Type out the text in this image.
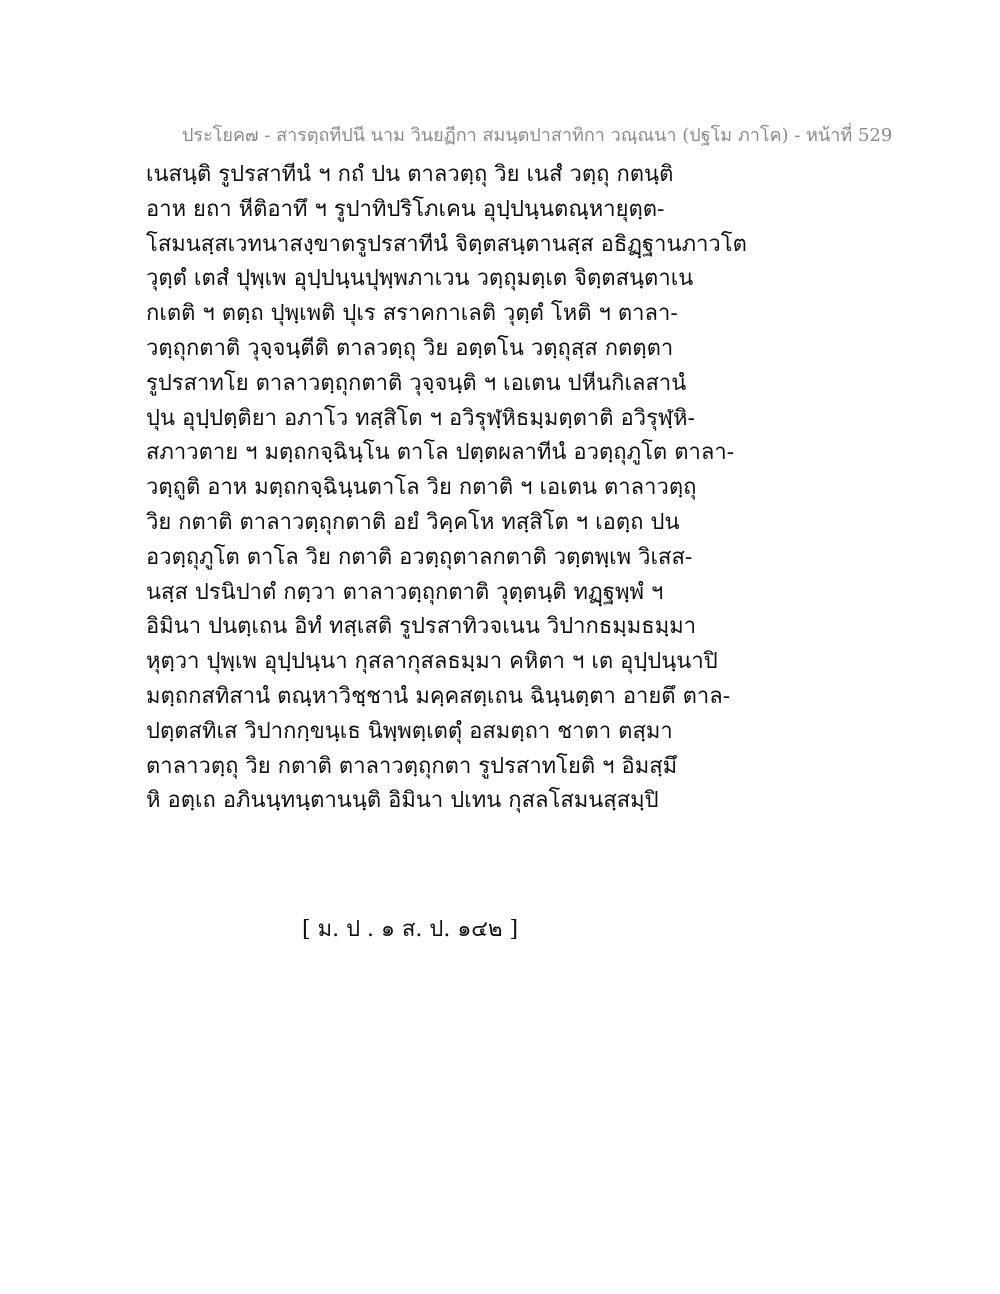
ประโยค๗ - สารตฺถทีปนี นาม วินยฏีกา สมนฺตปาสาทิกา วณฺณนา (ปฐโม ภาโค) - หน้าที่ 529
เนสนฺติ รูปรสาทีนํ ฯ กถํ ปน ตาลวตฺถุ วิย เนสํ วตฺถุ กตนฺติ
อาห ยถา หีติอาทึ ฯ รูปาทิปริโภเคน อุปฺปนฺนตณฺหายุตฺต-
โสมนสฺสเวทนาสงฺขาตรูปรสาทีนํ จิตฺตสนฺตานสฺส อธิฏฺฐานภาวโต
วุตฺตํ เตสํ ปุพฺเพ อุปฺปนฺนปุพฺพภาเวน วตฺถุมตฺเต จิตฺตสนฺตาเน
กเตติ ฯ ตตฺถ ปุพฺเพติ ปุเร สราคกาเลติ วุตฺตํ โหติ ฯ ตาลา-
วตฺถุกตาติ วุจฺจนฺตีติ ตาลวตฺถุ วิย อตฺตโน วตฺถุสฺส กตตฺตา
รูปรสาทโย ตาลาวตฺถุกตาติ วุจฺจนฺติ ฯ เอเตน ปหีนกิเลสานํ
ปุน อุปฺปตฺติยา อภาโว ทสฺสิโต ฯ อวิรุฬฺหิธมฺมตฺตาติ อวิรุฬฺหิ-
สภาวตาย ฯ มตฺถกจฺฉินฺโน ตาโล ปตฺตผลาทีนํ อวตฺถุภูโต ตาลา-
วตฺถูติ อาห มตฺถกจฺฉินฺนตาโล วิย กตาติ ฯ เอเตน ตาลาวตฺถุ
วิย กตาติ ตาลาวตฺถุกตาติ อยํ วิคฺคโห ทสฺสิโต ฯ เอตฺถ ปน
อวตฺถุภูโต ตาโล วิย กตาติ อวตฺถุตาลกตาติ วตฺตพฺเพ วิเสส-
นสฺส ปรนิปาตํ กตฺวา ตาลาวตฺถุกตาติ วุตฺตนฺติ ทฏฺฐพฺพํ ฯ
อิมินา ปนตฺเถน อิทํ ทสฺเสติ รูปรสาทิวจเนน วิปากธมฺมธมฺมา
หุตฺวา ปุพฺเพ อุปฺปนฺนา กุสลากุสลธมฺมา คหิตา ฯ เต อุปฺปนฺนาปิ
มตฺถกสทิสานํ ตณฺหาวิชฺชานํ มคฺคสตฺเถน ฉินฺนตฺตา อายตึ ตาล-
ปตฺตสทิเส วิปากกฺขนฺเธ นิพฺพตฺเตตุํ อสมตฺถา ชาตา ตสฺมา
ตาลาวตฺถุ วิย กตาติ ตาลาวตฺถุกตา รูปรสาทโยติ ฯ อิมสฺมึ
หิ อตฺเถ อภินนฺทนฺตานนฺติ อิมินา ปเทน กุสลโสมนสฺสมฺปิ
[ ม. ป . ๑ ส. ป. ๑๔๒ ]
